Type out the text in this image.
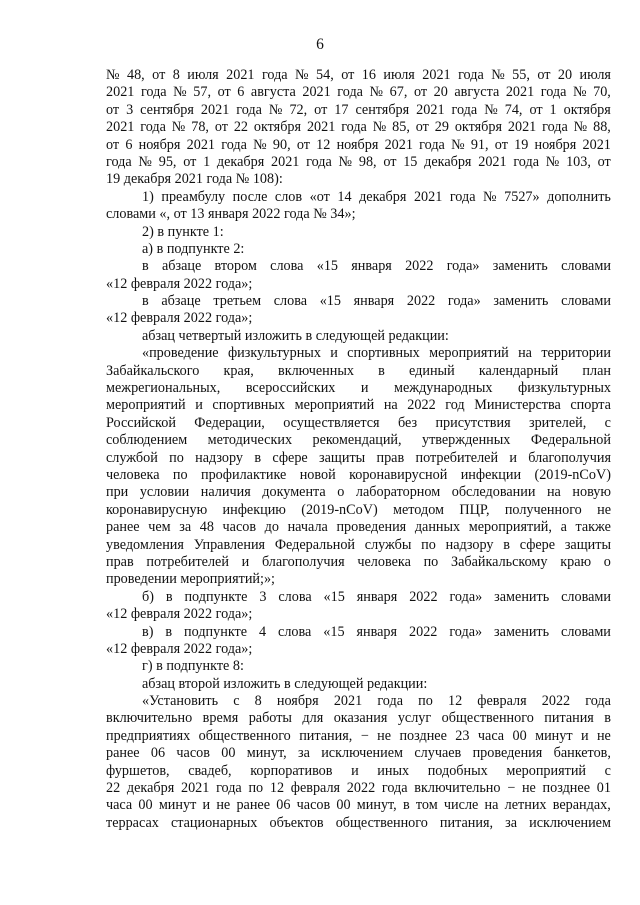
6
№ 48, от 8 июля 2021 года № 54, от 16 июля 2021 года № 55, от 20 июля
2021 года № 57, от 6 августа 2021 года № 67, от 20 августа 2021 года № 70,
от 3 сентября 2021 года № 72, от 17 сентября 2021 года № 74, от 1 октября
2021 года № 78, от 22 октября 2021 года № 85, от 29 октября 2021 года № 88,
от 6 ноября 2021 года № 90, от 12 ноября 2021 года № 91, от 19 ноября 2021
года № 95, от 1 декабря 2021 года № 98, от 15 декабря 2021 года № 103, от
19 декабря 2021 года № 108):
1) преамбулу после слов «от 14 декабря 2021 года № 7527» дополнить
словами «, от 13 января 2022 года № 34»;
2) в пункте 1:
а) в подпункте 2:
в абзаце втором слова «15 января 2022 года» заменить словами
«12 февраля 2022 года»;
в абзаце третьем слова «15 января 2022 года» заменить словами
«12 февраля 2022 года»;
абзац четвертый изложить в следующей редакции:
«проведение физкультурных и спортивных мероприятий на территории
Забайкальского края, включенных в единый календарный план
межрегиональных, всероссийских и международных физкультурных
мероприятий и спортивных мероприятий на 2022 год Министерства спорта
Российской Федерации, осуществляется без присутствия зрителей, с
соблюдением методических рекомендаций, утвержденных Федеральной
службой по надзору в сфере защиты прав потребителей и благополучия
человека по профилактике новой коронавирусной инфекции (2019-nCoV)
при условии наличия документа о лабораторном обследовании на новую
коронавирусную инфекцию (2019-nCoV) методом ПЦР, полученного не
ранее чем за 48 часов до начала проведения данных мероприятий, а также
уведомления Управления Федеральной службы по надзору в сфере защиты
прав потребителей и благополучия человека по Забайкальскому краю о
проведении мероприятий;»;
б) в подпункте 3 слова «15 января 2022 года» заменить словами
«12 февраля 2022 года»;
в) в подпункте 4 слова «15 января 2022 года» заменить словами
«12 февраля 2022 года»;
г) в подпункте 8:
абзац второй изложить в следующей редакции:
«Установить с 8 ноября 2021 года по 12 февраля 2022 года
включительно время работы для оказания услуг общественного питания в
предприятиях общественного питания, − не позднее 23 часа 00 минут и не
ранее 06 часов 00 минут, за исключением случаев проведения банкетов,
фуршетов, свадеб, корпоративов и иных подобных мероприятий с
22 декабря 2021 года по 12 февраля 2022 года включительно − не позднее 01
часа 00 минут и не ранее 06 часов 00 минут, в том числе на летних верандах,
террасах стационарных объектов общественного питания, за исключением
